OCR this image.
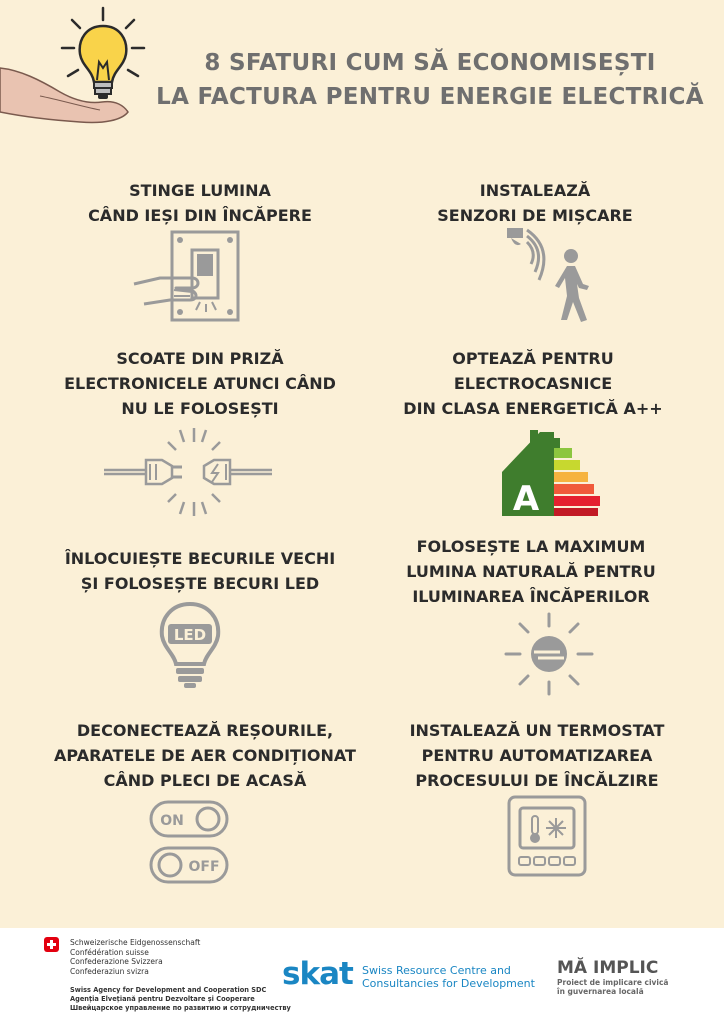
8 SFATURI CUM SĂ ECONOMISEȘTI
LA FACTURA PENTRU ENERGIE ELECTRICĂ
STINGE LUMINA
CÂND IEȘI DIN ÎNCĂPERE
INSTALEAZĂ
SENZORI DE MIȘCARE
SCOATE DIN PRIZĂ
ELECTRONICELE ATUNCI CÂND
NU LE FOLOSEȘTI
OPTEAZĂ PENTRU
ELECTROCASNICE
DIN CLASA ENERGETICĂ A++
A
ÎNLOCUIEȘTE BECURILE VECHI
ȘI FOLOSEȘTE BECURI LED
LED
FOLOSEȘTE LA MAXIMUM
LUMINA NATURALĂ PENTRU
ILUMINAREA ÎNCĂPERILOR
DECONECTEAZĂ REȘOURILE,
APARATELE DE AER CONDIȚIONAT
CÂND PLECI DE ACASĂ
ON
OFF
INSTALEAZĂ UN TERMOSTAT
PENTRU AUTOMATIZAREA
PROCESULUI DE ÎNCĂLZIRE
Schweizerische Eidgenossenschaft
Confédération suisse
Confederazione Svizzera
Confederaziun svizra
Swiss Agency for Development and Cooperation SDC
Agenția Elvețiană pentru Dezvoltare și Cooperare
Швейцарское управление по развитию и сотрудничеству
skat Swiss Resource Centre and
Consultancies for Development
MĂ IMPLIC
Proiect de implicare civică
în guvernarea locală
